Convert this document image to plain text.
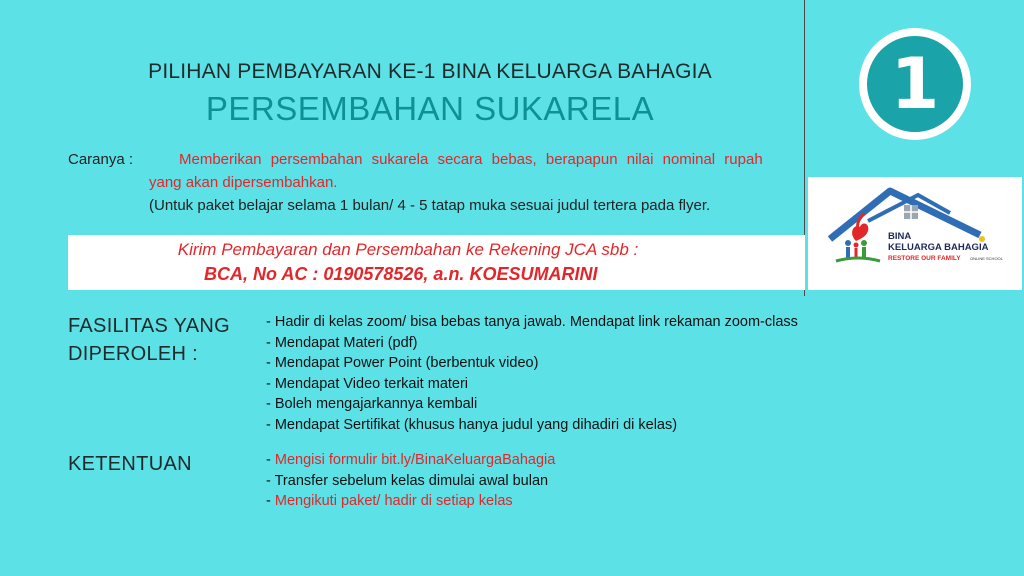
PILIHAN PEMBAYARAN KE-1 BINA KELUARGA BAHAGIA
PERSEMBAHAN SUKARELA	1
Caranya :	Memberikan persembahan sukarela secara bebas, berapapun nilai nominal rupah
yang akan dipersembahkan.
(Untuk paket belajar selama 1 bulan/ 4 - 5 tatap muka sesuai judul tertera pada flyer.
BINA
KELUARGA BAHAGIA
RESTORE OUR FAMILY ONLINE SCHOOL
Kirim Pembayaran dan Persembahan ke Rekening JCA sbb :
BCA, No AC : 0190578526, a.n. KOESUMARINI
FASILITAS YANG
DIPEROLEH :
- Hadir di kelas zoom/ bisa bebas tanya jawab. Mendapat link rekaman zoom-class
- Mendapat Materi (pdf)
- Mendapat Power Point (berbentuk video)
- Mendapat Video terkait materi
- Boleh mengajarkannya kembali
- Mendapat Sertifikat (khusus hanya judul yang dihadiri di kelas)
KETENTUAN	- Mengisi formulir bit.ly/BinaKeluargaBahagia
- Transfer sebelum kelas dimulai awal bulan
- Mengikuti paket/ hadir di setiap kelas
